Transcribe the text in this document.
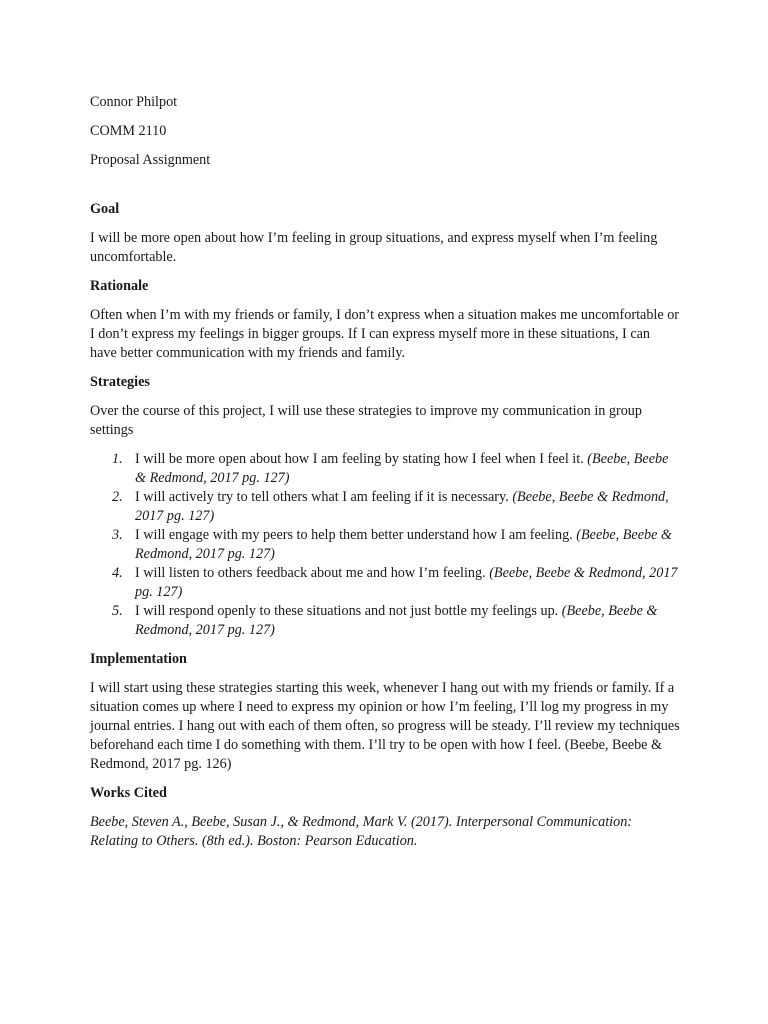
Connor Philpot
COMM 2110
Proposal Assignment
Goal
I will be more open about how I’m feeling in group situations, and express myself when I’m feeling uncomfortable.
Rationale
Often when I’m with my friends or family, I don’t express when a situation makes me uncomfortable or I don’t express my feelings in bigger groups. If I can express myself more in these situations, I can have better communication with my friends and family.
Strategies
Over the course of this project, I will use these strategies to improve my communication in group settings
1. I will be more open about how I am feeling by stating how I feel when I feel it. (Beebe, Beebe & Redmond, 2017 pg. 127)
2. I will actively try to tell others what I am feeling if it is necessary. (Beebe, Beebe & Redmond, 2017 pg. 127)
3. I will engage with my peers to help them better understand how I am feeling. (Beebe, Beebe & Redmond, 2017 pg. 127)
4. I will listen to others feedback about me and how I’m feeling. (Beebe, Beebe & Redmond, 2017 pg. 127)
5. I will respond openly to these situations and not just bottle my feelings up. (Beebe, Beebe & Redmond, 2017 pg. 127)
Implementation
I will start using these strategies starting this week, whenever I hang out with my friends or family. If a situation comes up where I need to express my opinion or how I’m feeling, I’ll log my progress in my journal entries. I hang out with each of them often, so progress will be steady. I’ll review my techniques beforehand each time I do something with them. I’ll try to be open with how I feel. (Beebe, Beebe & Redmond, 2017 pg. 126)
Works Cited
Beebe, Steven A., Beebe, Susan J., & Redmond, Mark V. (2017). Interpersonal Communication: Relating to Others. (8th ed.). Boston: Pearson Education.
